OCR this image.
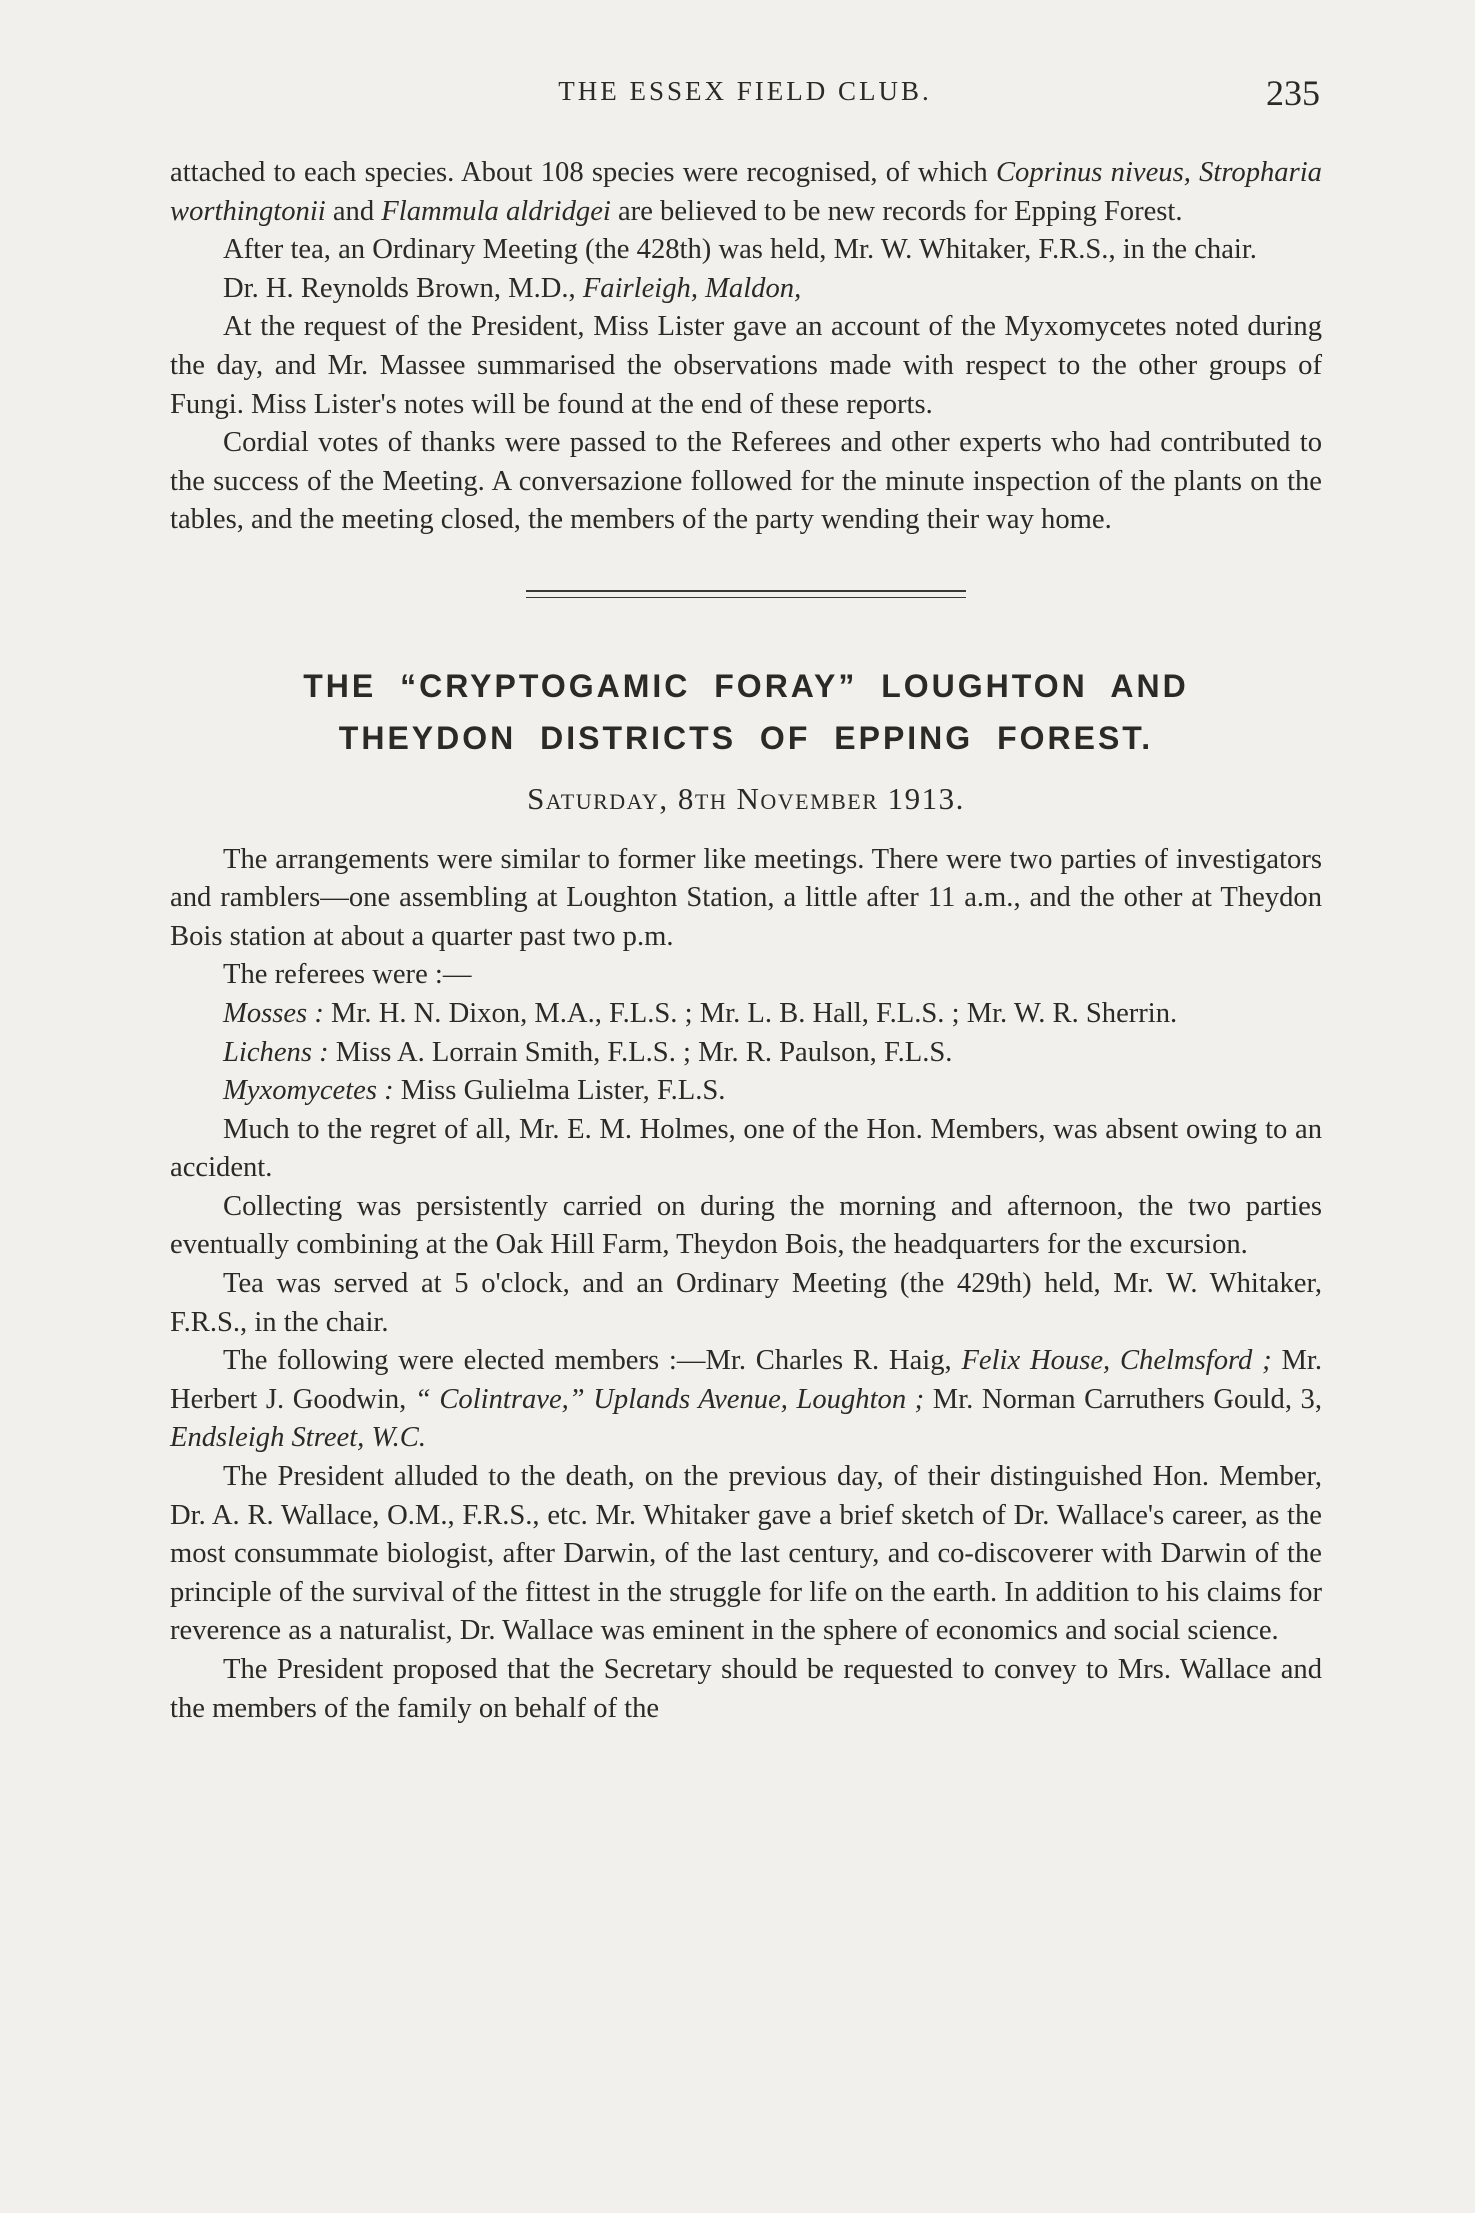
THE ESSEX FIELD CLUB.	235

attached to each species. About 108 species were recognised, of which Coprinus niveus, Stropharia worthingtonii and Flammula aldridgei are believed to be new records for Epping Forest.

After tea, an Ordinary Meeting (the 428th) was held, Mr. W. Whitaker, F.R.S., in the chair.

Dr. H. Reynolds Brown, M.D., Fairleigh, Maldon,

At the request of the President, Miss Lister gave an account of the Myxomycetes noted during the day, and Mr. Massee summarised the observations made with respect to the other groups of Fungi. Miss Lister's notes will be found at the end of these reports.

Cordial votes of thanks were passed to the Referees and other experts who had contributed to the success of the Meeting. A conversazione followed for the minute inspection of the plants on the tables, and the meeting closed, the members of the party wending their way home.

THE “CRYPTOGAMIC FORAY” LOUGHTON AND
THEYDON DISTRICTS OF EPPING FOREST.
Saturday, 8th November 1913.

The arrangements were similar to former like meetings. There were two parties of investigators and ramblers—one assembling at Loughton Station, a little after 11 a.m., and the other at Theydon Bois station at about a quarter past two p.m.

The referees were :—

Mosses : Mr. H. N. Dixon, M.A., F.L.S. ; Mr. L. B. Hall, F.L.S. ; Mr. W. R. Sherrin.

Lichens : Miss A. Lorrain Smith, F.L.S. ; Mr. R. Paulson, F.L.S.

Myxomycetes : Miss Gulielma Lister, F.L.S.

Much to the regret of all, Mr. E. M. Holmes, one of the Hon. Members, was absent owing to an accident.

Collecting was persistently carried on during the morning and afternoon, the two parties eventually combining at the Oak Hill Farm, Theydon Bois, the headquarters for the excursion.

Tea was served at 5 o'clock, and an Ordinary Meeting (the 429th) held, Mr. W. Whitaker, F.R.S., in the chair.

The following were elected members :—Mr. Charles R. Haig, Felix House, Chelmsford ; Mr. Herbert J. Goodwin, “ Colintrave,” Uplands Avenue, Loughton ; Mr. Norman Carruthers Gould, 3, Endsleigh Street, W.C.

The President alluded to the death, on the previous day, of their distinguished Hon. Member, Dr. A. R. Wallace, O.M., F.R.S., etc. Mr. Whitaker gave a brief sketch of Dr. Wallace's career, as the most consummate biologist, after Darwin, of the last century, and co-discoverer with Darwin of the principle of the survival of the fittest in the struggle for life on the earth. In addition to his claims for reverence as a naturalist, Dr. Wallace was eminent in the sphere of economics and social science.

The President proposed that the Secretary should be requested to convey to Mrs. Wallace and the members of the family on behalf of the
